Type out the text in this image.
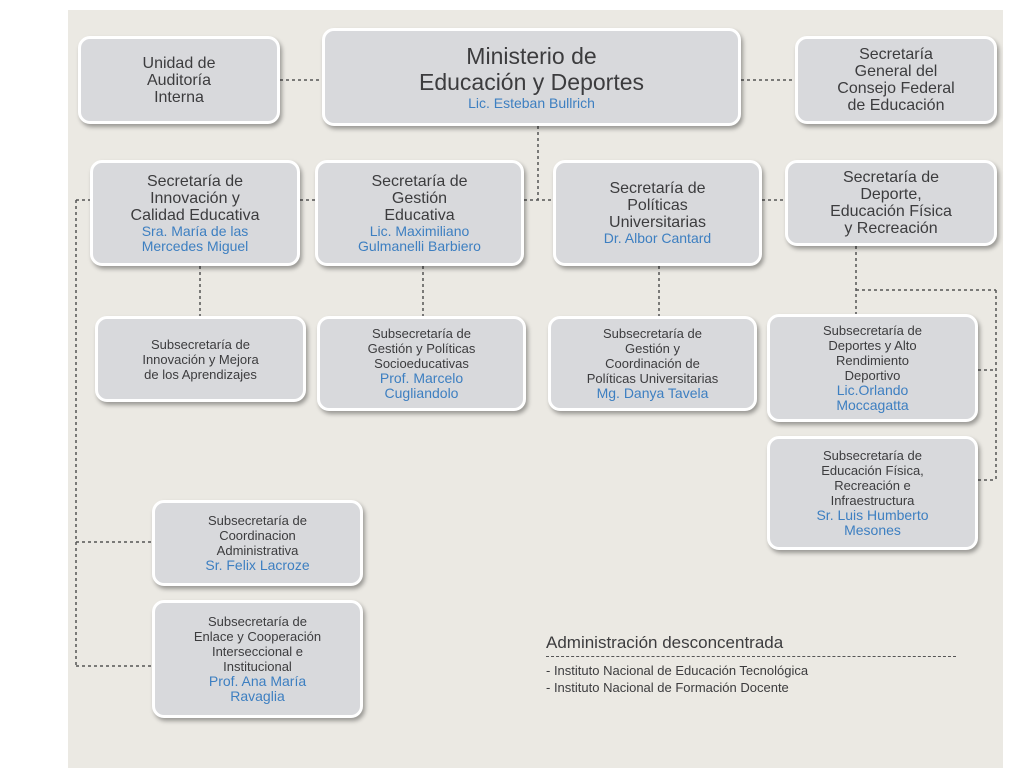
Ministerio de
Educación y Deportes
Lic. Esteban Bullrich
Unidad de
Auditoría
Interna
Secretaría
General del
Consejo Federal
de Educación
Secretaría de
Innovación y
Calidad Educativa
Sra. María de las
Mercedes Miguel
Secretaría de
Gestión
Educativa
Lic. Maximiliano
Gulmanelli Barbiero
Secretaría de
Políticas
Universitarias
Dr. Albor Cantard
Secretaría de
Deporte,
Educación Física
y Recreación
Subsecretaría de
Innovación y Mejora
de los Aprendizajes
Subsecretaría de
Gestión y Políticas
Socioeducativas
Prof. Marcelo
Cugliandolo
Subsecretaría de
Gestión y
Coordinación de
Políticas Universitarias
Mg. Danya Tavela
Subsecretaría de
Deportes y Alto
Rendimiento
Deportivo
Lic.Orlando
Moccagatta
Subsecretaría de
Educación Física,
Recreación e
Infraestructura
Sr. Luis Humberto
Mesones
Subsecretaría de
Coordinacion
Administrativa
Sr. Felix Lacroze
Subsecretaría de
Enlace y Cooperación
Interseccional e
Institucional
Prof. Ana María
Ravaglia
Administración desconcentrada
- Instituto Nacional de Educación Tecnológica
- Instituto Nacional de Formación Docente
